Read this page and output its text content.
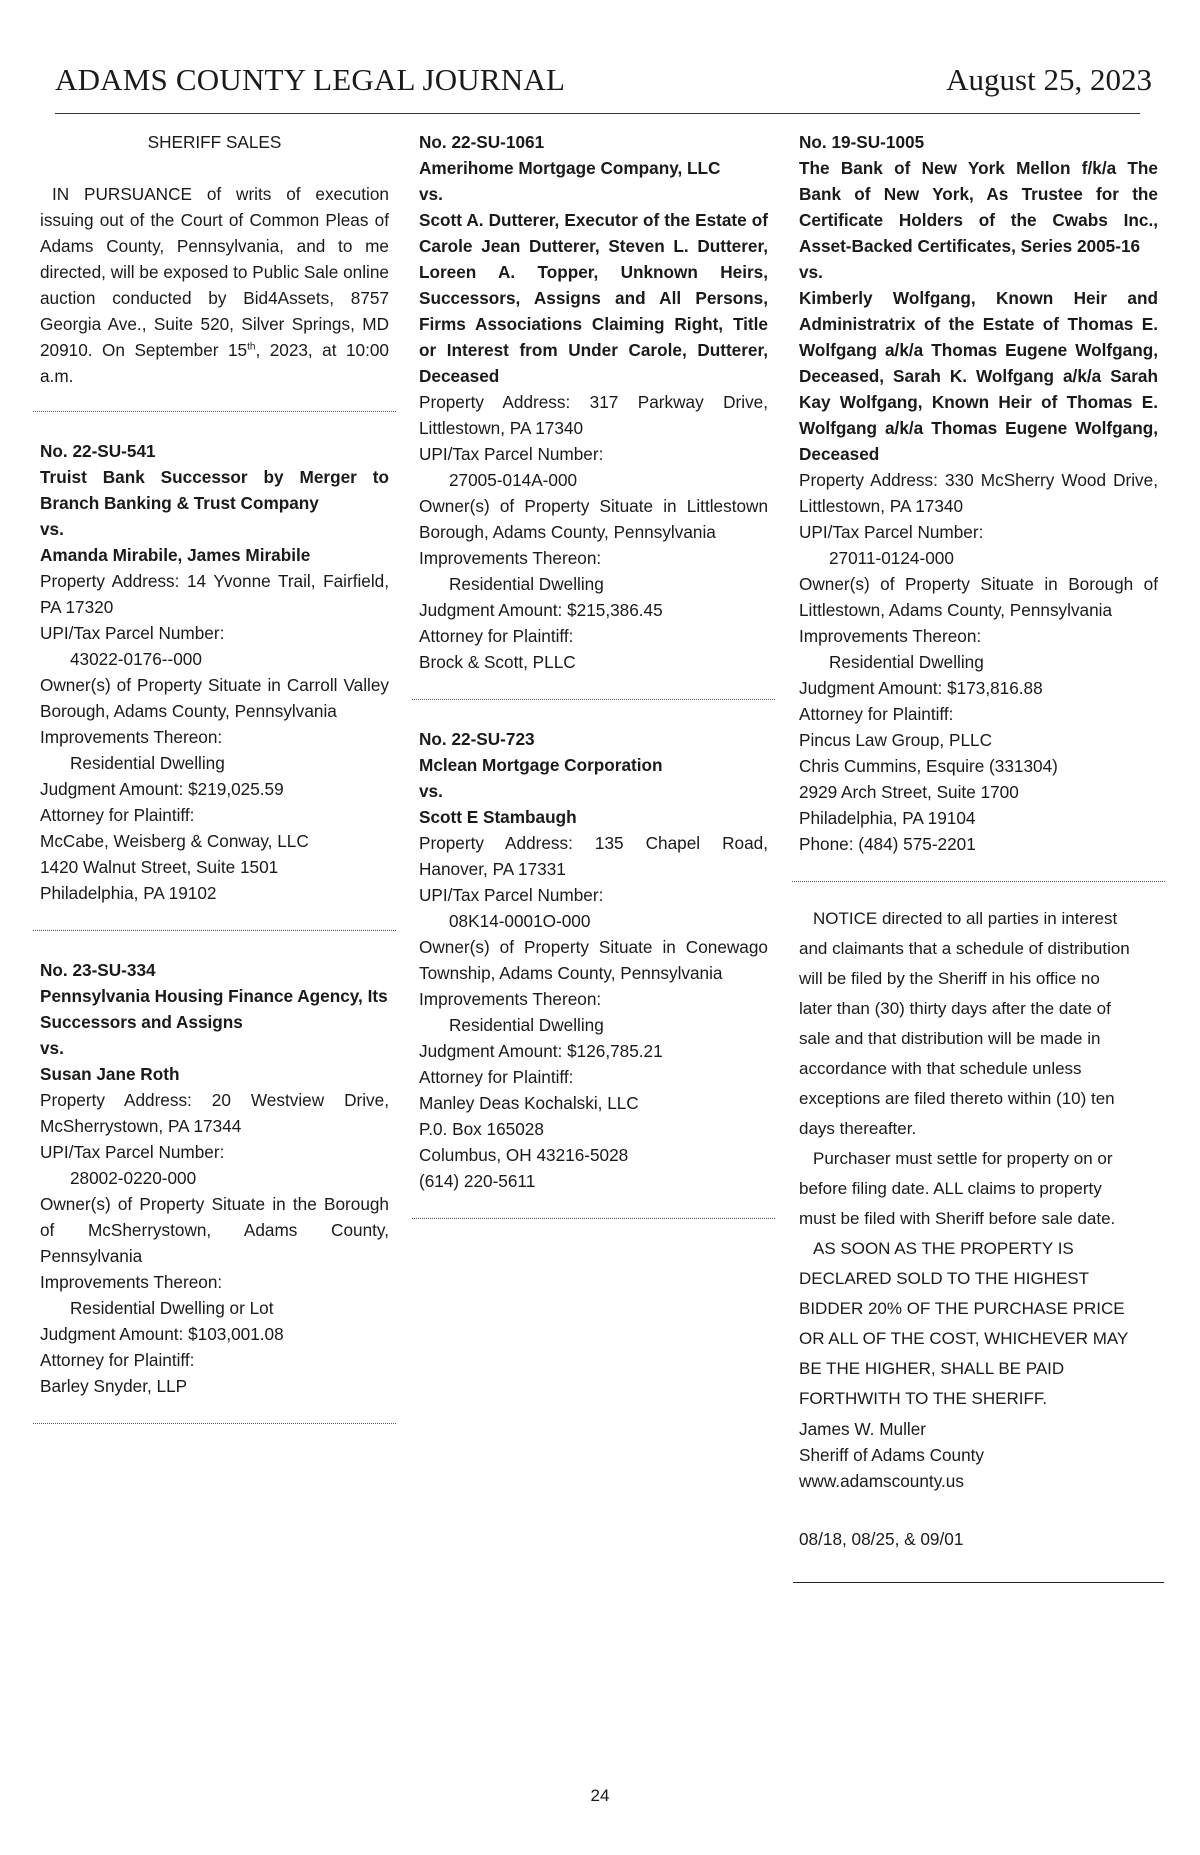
ADAMS COUNTY LEGAL JOURNAL	August 25, 2023

SHERIFF SALES

IN PURSUANCE of writs of execution issuing out of the Court of Common Pleas of Adams County, Pennsylvania, and to me directed, will be exposed to Public Sale online auction conducted by Bid4Assets, 8757 Georgia Ave., Suite 520, Silver Springs, MD 20910. On September 15th, 2023, at 10:00 a.m.

No. 22-SU-541

Truist Bank Successor by Merger to Branch Banking & Trust Company

vs.

Amanda Mirabile, James Mirabile

Property Address: 14 Yvonne Trail, Fairfield, PA 17320

UPI/Tax Parcel Number:

43022-0176--000

Owner(s) of Property Situate in Carroll Valley Borough, Adams County, Pennsylvania

Improvements Thereon:

Residential Dwelling

Judgment Amount: $219,025.59

Attorney for Plaintiff:

McCabe, Weisberg & Conway, LLC

1420 Walnut Street, Suite 1501

Philadelphia, PA 19102

No. 23-SU-334

Pennsylvania Housing Finance Agency, Its Successors and Assigns

vs.

Susan Jane Roth

Property Address: 20 Westview Drive, McSherrystown, PA 17344

UPI/Tax Parcel Number:

28002-0220-000

Owner(s) of Property Situate in the Borough of McSherrystown, Adams County, Pennsylvania

Improvements Thereon:

Residential Dwelling or Lot

Judgment Amount: $103,001.08

Attorney for Plaintiff:

Barley Snyder, LLP

No. 22-SU-1061

Amerihome Mortgage Company, LLC

vs.

Scott A. Dutterer, Executor of the Estate of Carole Jean Dutterer, Steven L. Dutterer, Loreen A. Topper, Unknown Heirs, Successors, Assigns and All Persons, Firms Associations Claiming Right, Title or Interest from Under Carole, Dutterer, Deceased

Property Address: 317 Parkway Drive, Littlestown, PA 17340

UPI/Tax Parcel Number:

27005-014A-000

Owner(s) of Property Situate in Littlestown Borough, Adams County, Pennsylvania

Improvements Thereon:

Residential Dwelling

Judgment Amount: $215,386.45

Attorney for Plaintiff:

Brock & Scott, PLLC

No. 22-SU-723

Mclean Mortgage Corporation

vs.

Scott E Stambaugh

Property Address: 135 Chapel Road, Hanover, PA 17331

UPI/Tax Parcel Number:

08K14-0001O-000

Owner(s) of Property Situate in Conewago Township, Adams County, Pennsylvania

Improvements Thereon:

Residential Dwelling

Judgment Amount: $126,785.21

Attorney for Plaintiff:

Manley Deas Kochalski, LLC

P.0. Box 165028

Columbus, OH 43216-5028

(614) 220-5611

No. 19-SU-1005

The Bank of New York Mellon f/k/a The Bank of New York, As Trustee for the Certificate Holders of the Cwabs Inc., Asset-Backed Certificates, Series 2005-16

vs.

Kimberly Wolfgang, Known Heir and Administratrix of the Estate of Thomas E. Wolfgang a/k/a Thomas Eugene Wolfgang, Deceased, Sarah K. Wolfgang a/k/a Sarah Kay Wolfgang, Known Heir of Thomas E. Wolfgang a/k/a Thomas Eugene Wolfgang, Deceased

Property Address: 330 McSherry Wood Drive, Littlestown, PA 17340

UPI/Tax Parcel Number:

27011-0124-000

Owner(s) of Property Situate in Borough of Littlestown, Adams County, Pennsylvania

Improvements Thereon:

Residential Dwelling

Judgment Amount: $173,816.88

Attorney for Plaintiff:

Pincus Law Group, PLLC

Chris Cummins, Esquire (331304)

2929 Arch Street, Suite 1700

Philadelphia, PA 19104

Phone: (484) 575-2201

NOTICE directed to all parties in interest

and claimants that a schedule of distribution

will be filed by the Sheriff in his office no

later than (30) thirty days after the date of

sale and that distribution will be made in

accordance with that schedule unless

exceptions are filed thereto within (10) ten

days thereafter.

Purchaser must settle for property on or

before filing date. ALL claims to property

must be filed with Sheriff before sale date.

AS SOON AS THE PROPERTY IS

DECLARED SOLD TO THE HIGHEST

BIDDER 20% OF THE PURCHASE PRICE

OR ALL OF THE COST, WHICHEVER MAY

BE THE HIGHER, SHALL BE PAID

FORTHWITH TO THE SHERIFF.

James W. Muller

Sheriff of Adams County

www.adamscounty.us

08/18, 08/25, & 09/01

24
